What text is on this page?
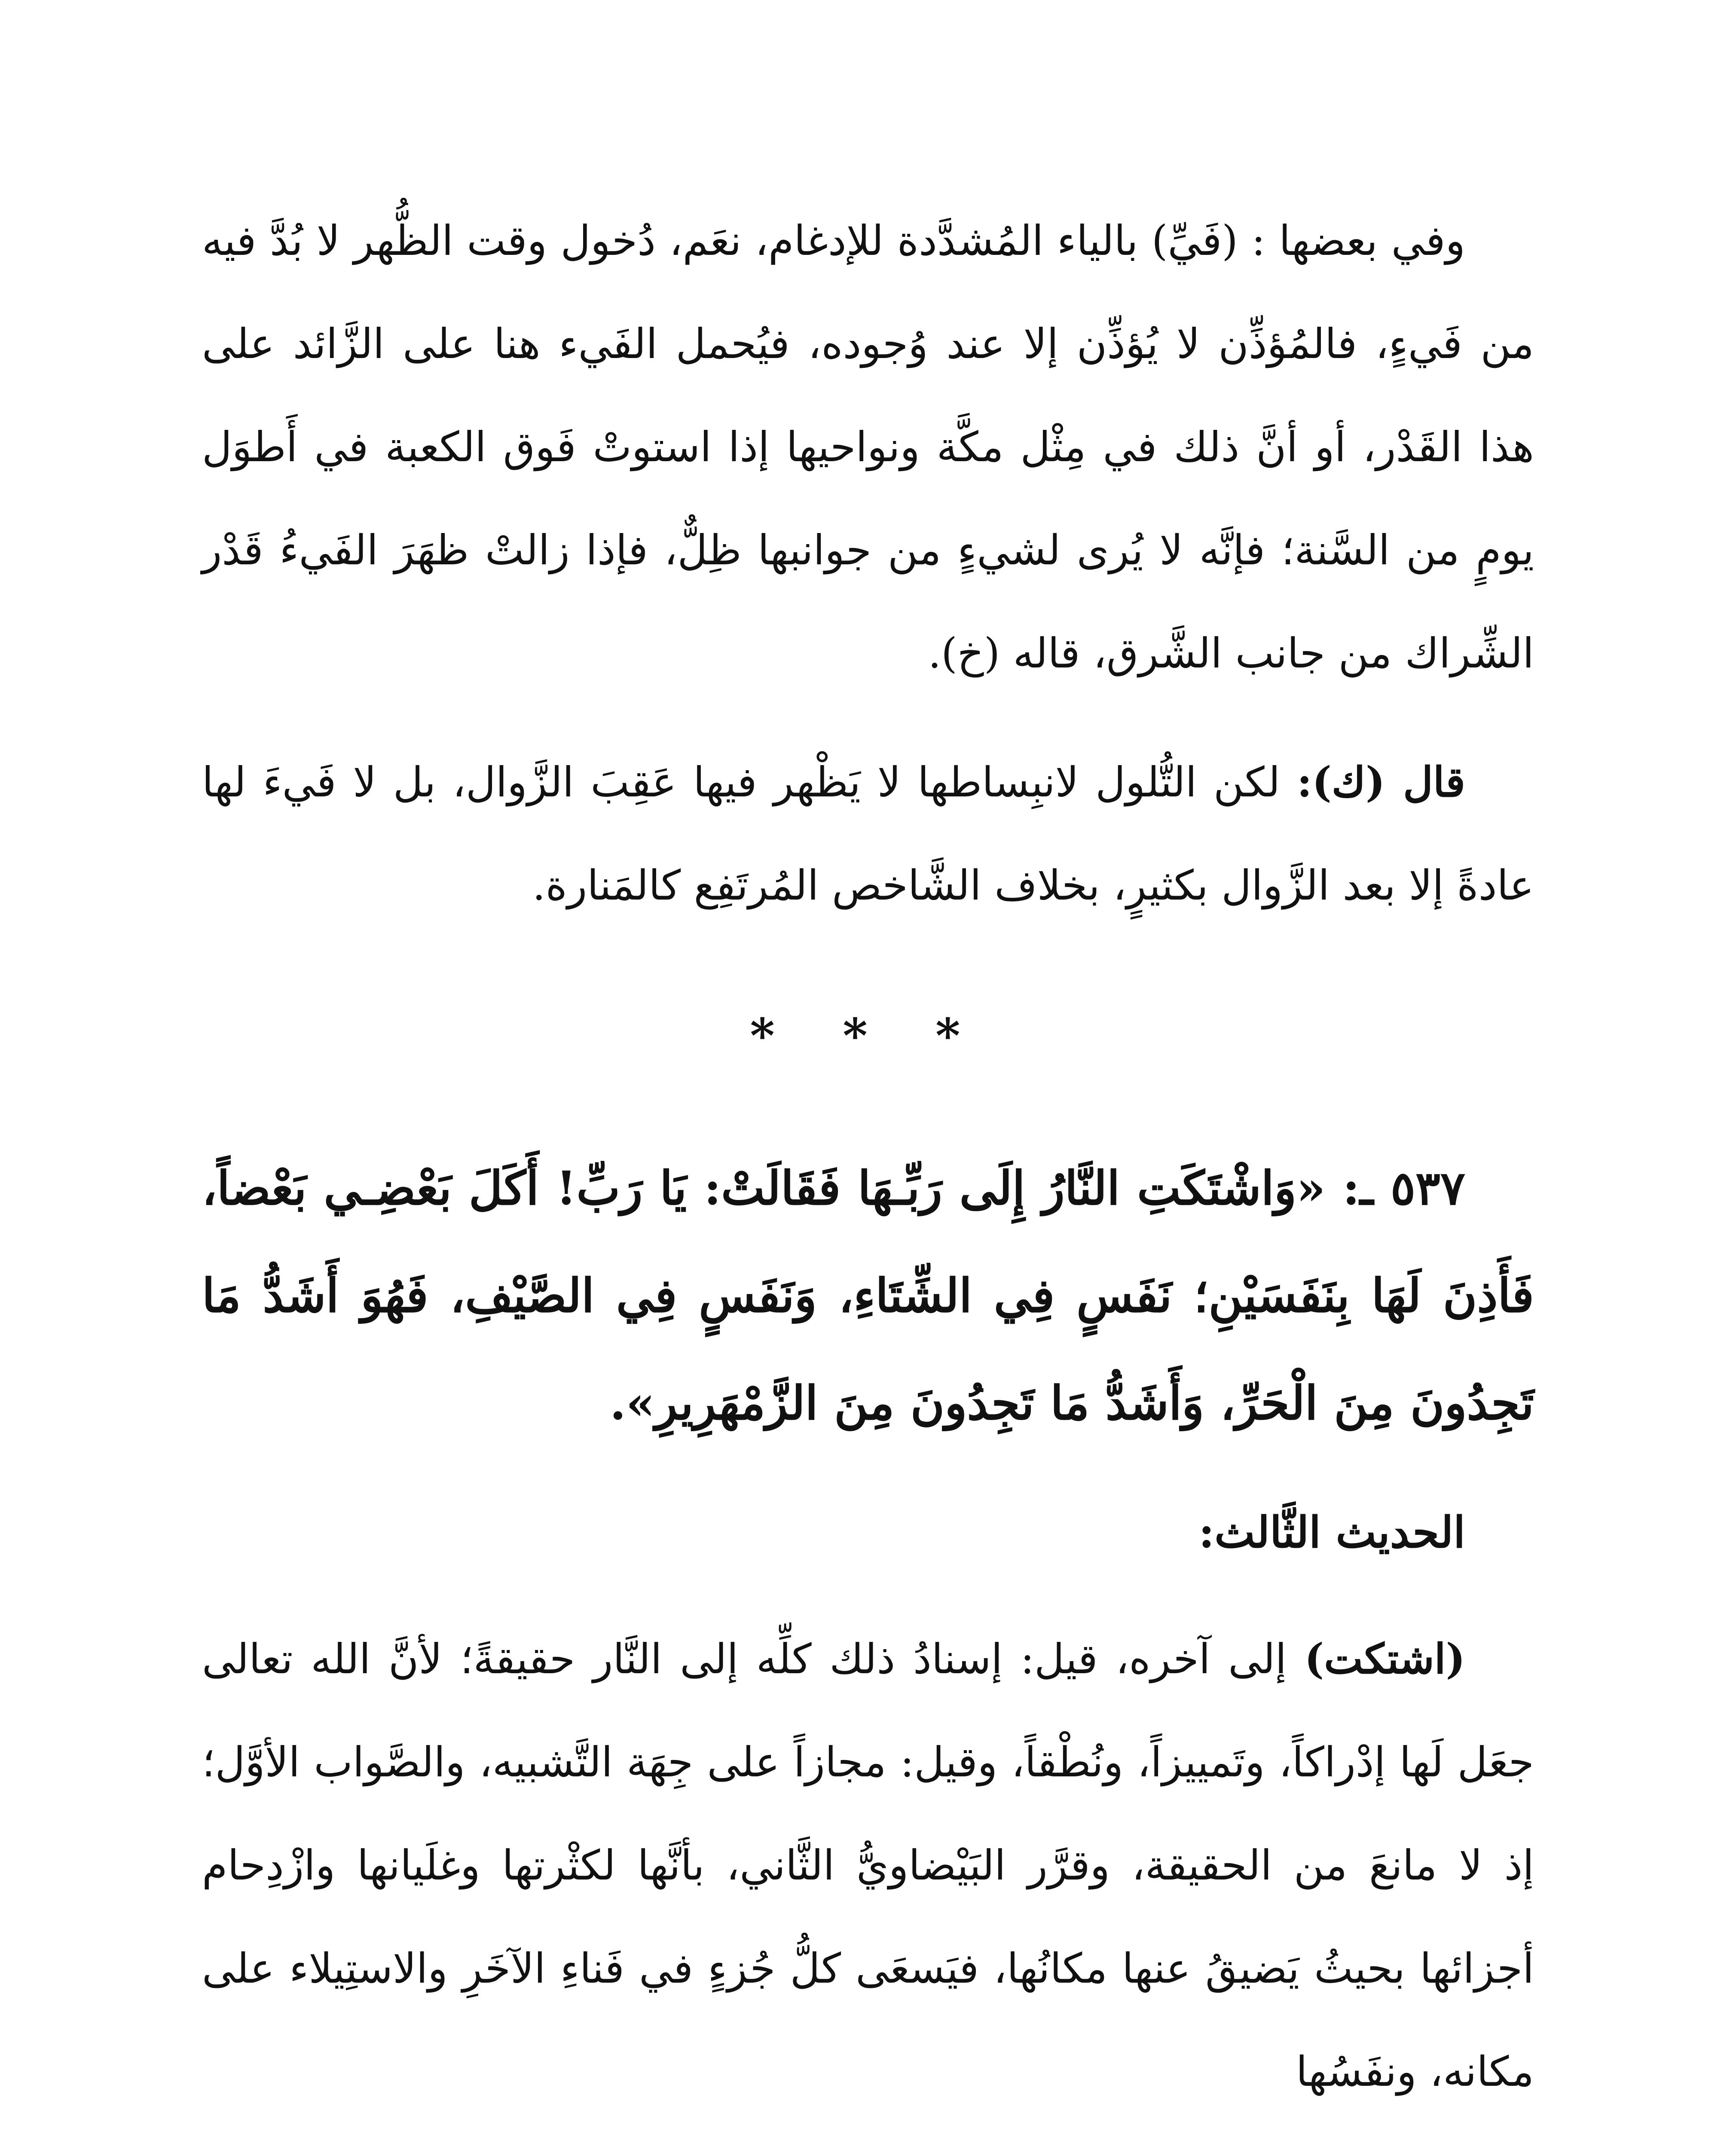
وفي بعضها : (فَيِّ) بالياء المُشدَّدة للإدغام، نعَم، دُخول وقت الظُّهر لا بُدَّ فيه من فَيءٍ، فالمُؤذِّن لا يُؤذِّن إلا عند وُجوده، فيُحمل الفَيء هنا على الزَّائد على هذا القَدْر، أو أنَّ ذلك في مِثْل مكَّة ونواحيها إذا استوتْ فَوق الكعبة في أَطوَل يومٍ من السَّنة؛ فإنَّه لا يُرى لشيءٍ من جوانبها ظِلٌّ، فإذا زالتْ ظهَرَ الفَيءُ قَدْر الشِّراك من جانب الشَّرق، قاله (خ).

قال (ك): لكن التُّلول لانبِساطها لا يَظْهر فيها عَقِبَ الزَّوال، بل لا فَيءَ لها عادةً إلا بعد الزَّوال بكثيرٍ، بخلاف الشَّاخص المُرتَفِع كالمَنارة.

* * *

٥٣٧ ـ: «وَاشْتَكَتِ النَّارُ إِلَى رَبِّـهَا فَقَالَتْ: يَا رَبِّ! أَكَلَ بَعْضِـي بَعْضاً، فَأَذِنَ لَهَا بِنَفَسَيْنِ؛ نَفَسٍ فِي الشِّتَاءِ، وَنَفَسٍ فِي الصَّيْفِ، فَهُوَ أَشَدُّ مَا تَجِدُونَ مِنَ الْحَرِّ، وَأَشَدُّ مَا تَجِدُونَ مِنَ الزَّمْهَرِيرِ».

الحديث الثَّالث:

(اشتكت) إلى آخره، قيل: إسنادُ ذلك كلِّه إلى النَّار حقيقةً؛ لأنَّ الله تعالى جعَل لَها إدْراكاً، وتَمييزاً، ونُطْقاً، وقيل: مجازاً على جِهَة التَّشبيه، والصَّواب الأوَّل؛ إذ لا مانعَ من الحقيقة، وقرَّر البَيْضاويُّ الثَّاني، بأنَّها لكثْرتها وغلَيانها وازْدِحام أجزائها بحيثُ يَضيقُ عنها مكانُها، فيَسعَى كلُّ جُزءٍ في فَناءِ الآخَرِ والاستِيلاء على مكانه، ونفَسُها
